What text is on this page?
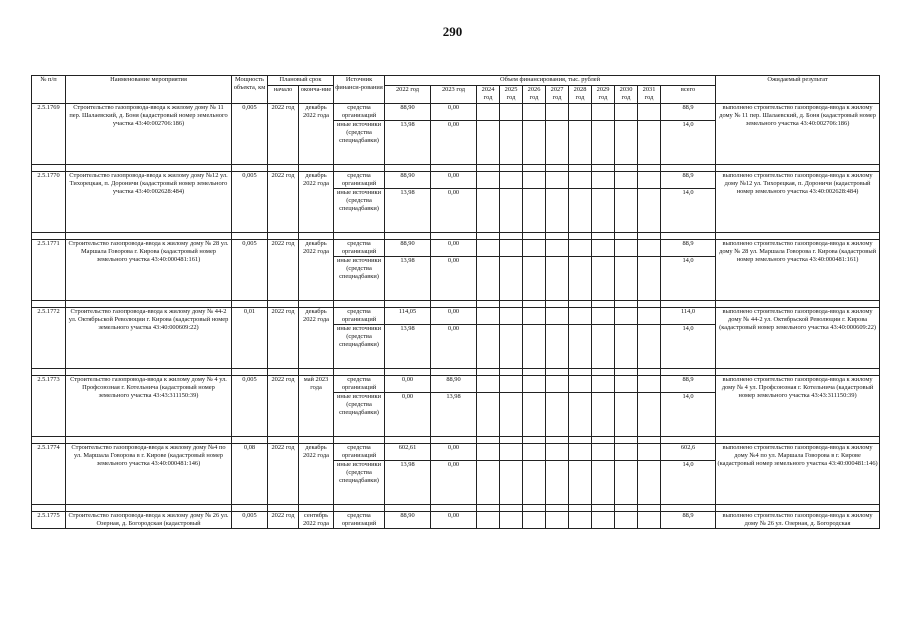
290
№ п/п	Наименование мероприятия	Мощность объекта, км	Плановый срок		Источник финанси-рования	Объем финансирования, тыс. рублей											Ожидаемый результат
			начало	оконча-ние		2022 год	2023 год	2024 год	2025 год	2026 год	2027 год	2028 год	2029 год	2030 год	2031 год	всего	
2.5.1769	Строительство газопровода-ввода к жилому дому № 11 пер. Шалаевский, д. Боня (кадастровый номер земельного участка 43:40:002706:186)	0,005	2022 год	декабрь 2022 года	средства организаций	88,90	0,00									88,9	выполнено строительство газопровода-ввода к жилому дому № 11 пер. Шалаевский, д. Боня (кадастровый номер земельного участка 43:40:002706:186)
					иные источники (средства спецнадбавки)	13,98	0,00									14,0	

2.5.1770	Строительство газопровода-ввода к жилому дому №12 ул. Тихорецкая, п. Дороничи (кадастровый номер земельного участка 43:40:002628:484)	0,005	2022 год	декабрь 2022 года	средства организаций	88,90	0,00									88,9	выполнено строительство газопровода-ввода к жилому дому №12 ул. Тихорецкая, п. Дороничи (кадастровый номер земельного участка 43:40:002628:484)
					иные источники (средства спецнадбавки)	13,98	0,00									14,0	

2.5.1771	Строительство газопровода-ввода к жилому дому № 28 ул. Маршала Говорова г. Кирова (кадастровый номер земельного участка 43:40:000481:161)	0,005	2022 год	декабрь 2022 года	средства организаций	88,90	0,00									88,9	выполнено строительство газопровода-ввода к жилому дому № 28 ул. Маршала Говорова г. Кирова (кадастровый номер земельного участка 43:40:000481:161)
					иные источники (средства спецнадбавки)	13,98	0,00									14,0	

2.5.1772	Строительство газопровода-ввода к жилому дому № 44-2 ул. Октябрьской Революции г. Кирова (кадастровый номер земельного участка 43:40:000609:22)	0,01	2022 год	декабрь 2022 года	средства организаций	114,05	0,00									114,0	выполнено строительство газопровода-ввода к жилому дому № 44-2 ул. Октябрьской Революции г. Кирова (кадастровый номер земельного участка 43:40:000609:22)
					иные источники (средства спецнадбавки)	13,98	0,00									14,0	

2.5.1773	Строительство газопровода-ввода к жилому дому № 4 ул. Профсоюзная г. Котельнича (кадастровый номер земельного участка 43:43:311150:39)	0,005	2022 год	май 2023 года	средства организаций	0,00	88,90									88,9	выполнено строительство газопровода-ввода к жилому дому № 4 ул. Профсоюзная г. Котельнича (кадастровый номер земельного участка 43:43:311150:39)
					иные источники (средства спецнадбавки)	0,00	13,98									14,0	

2.5.1774	Строительство газопровода-ввода к жилому дому №4 по ул. Маршала Говорова в г. Кирове (кадастровый номер земельного участка 43:40:000481:146)	0,08	2022 год	декабрь 2022 года	средства организаций	602,61	0,00									602,6	выполнено строительство газопровода-ввода к жилому дому №4 по ул. Маршала Говорова в г. Кирове (кадастровый номер земельного участка 43:40:000481:146)
					иные источники (средства спецнадбавки)	13,98	0,00									14,0	

2.5.1775	Строительство газопровода-ввода к жилому дому № 26 ул. Озерная, д. Богородская (кадастровый	0,005	2022 год	сентябрь 2022 года	средства организаций	88,90	0,00									88,9	выполнено строительство газопровода-ввода к жилому дому № 26 ул. Озерная, д. Богородская
